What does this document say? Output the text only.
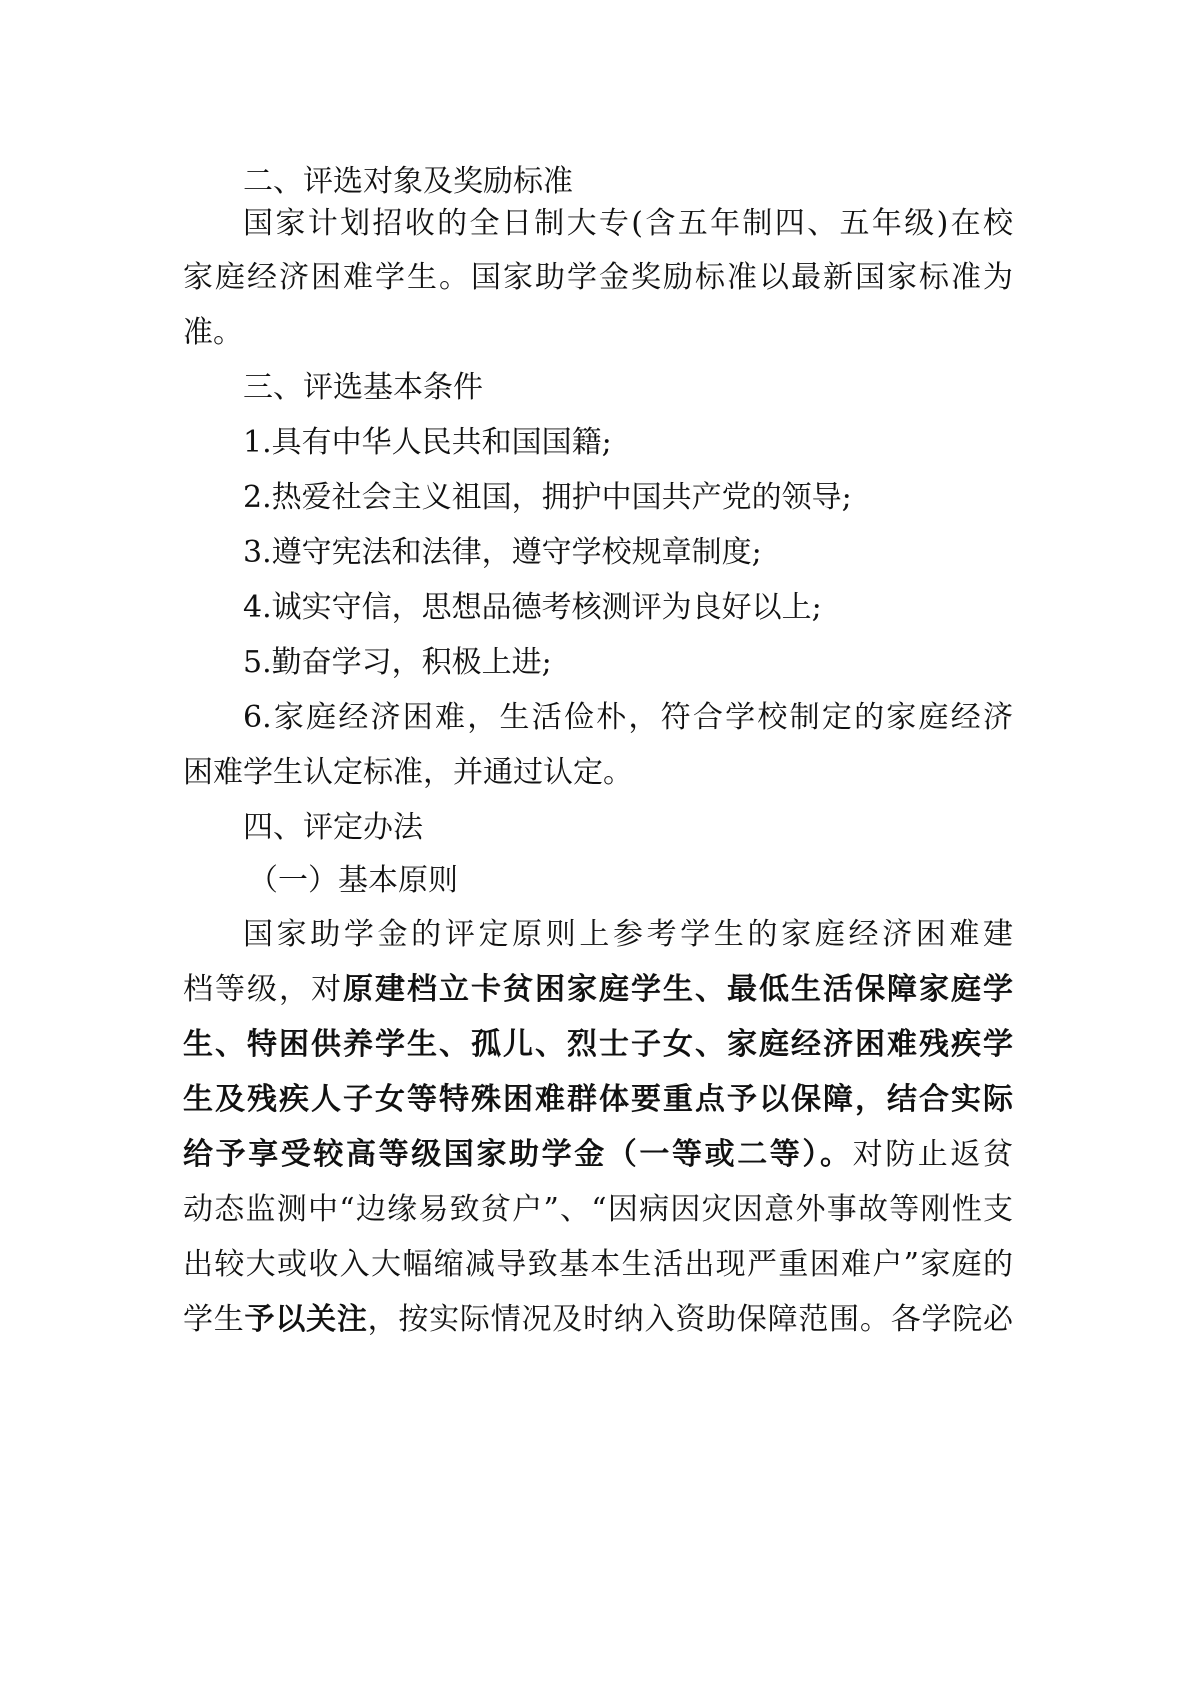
二、评选对象及奖励标准
国家计划招收的全日制大专(含五年制四、五年级)在校
家庭经济困难学生。国家助学金奖励标准以最新国家标准为
准。
三、评选基本条件
1.具有中华人民共和国国籍;
2.热爱社会主义祖国，拥护中国共产党的领导;
3.遵守宪法和法律，遵守学校规章制度;
4.诚实守信，思想品德考核测评为良好以上;
5.勤奋学习，积极上进;
6.家庭经济困难，生活俭朴，符合学校制定的家庭经济
困难学生认定标准，并通过认定。
四、评定办法
（一）基本原则
国家助学金的评定原则上参考学生的家庭经济困难建
档等级，对原建档立卡贫困家庭学生、最低生活保障家庭学
生、特困供养学生、孤儿、烈士子女、家庭经济困难残疾学
生及残疾人子女等特殊困难群体要重点予以保障，结合实际
给予享受较高等级国家助学金（一等或二等）。对防止返贫
动态监测中“边缘易致贫户”、“因病因灾因意外事故等刚性支
出较大或收入大幅缩减导致基本生活出现严重困难户”家庭的
学生予以关注，按实际情况及时纳入资助保障范围。各学院必
